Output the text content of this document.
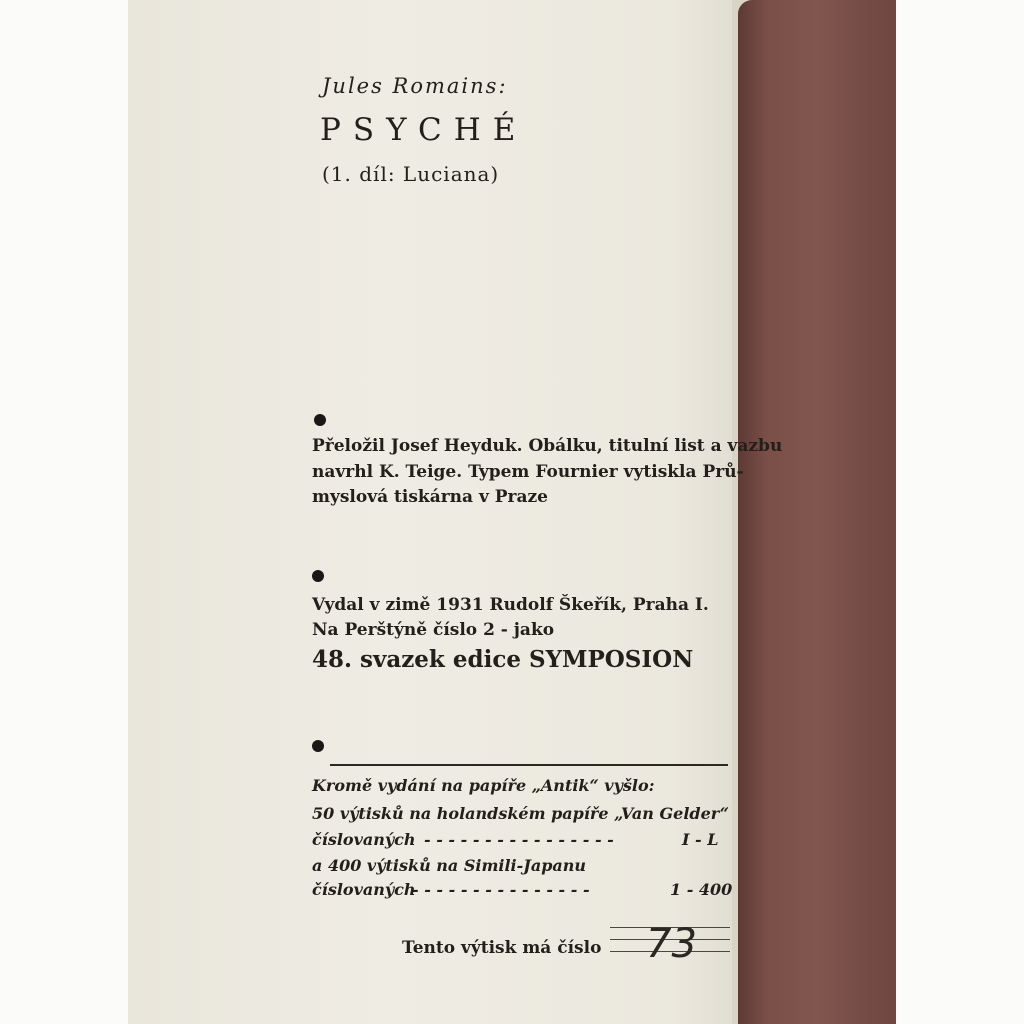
Jules Romains:
PSYCHÉ
(1. díl: Luciana)
Přeložil Josef Heyduk. Obálku, titulní list a vazbu
navrhl K. Teige. Typem Fournier vytiskla Prů-
myslová tiskárna v Praze
Vydal v zimě 1931 Rudolf Škeřík, Praha I.
Na Perštýně číslo 2 - jako
48. svazek edice SYMPOSION
Kromě vydání na papíře „Antik“ vyšlo:
50 výtisků na holandském papíře „Van Gelder“
číslovaných - - - - - - - - - - - - - - - -	I - L
a 400 výtisků na Simili-Japanu
číslovaných
- - - - - - - - - - - - - - -	1 - 400
Tento výtisk má číslo 73
